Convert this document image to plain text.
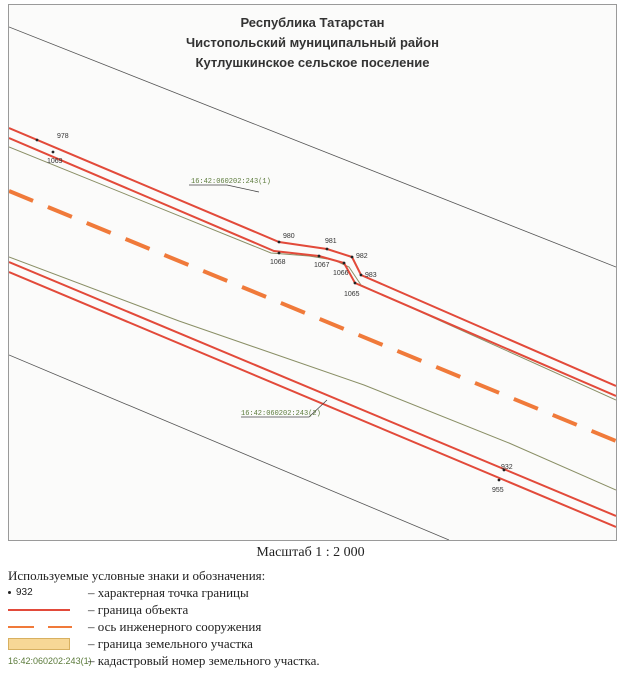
978
1069
980
1068
981
1067
982
1066 983
1065
932
955
16:42:060202:243(1)
16:42:060202:243(2)
Республика Татарстан
Чистопольский муниципальный район
Кутлушкинское сельское поселение
Масштаб 1 : 2 000
Используемые условные знаки и обозначения:
932	– характерная точка границы
– граница объекта
– ось инженерного сооружения
– граница земельного участка
16:42:060202:243(1)
– кадастровый номер земельного участка.
